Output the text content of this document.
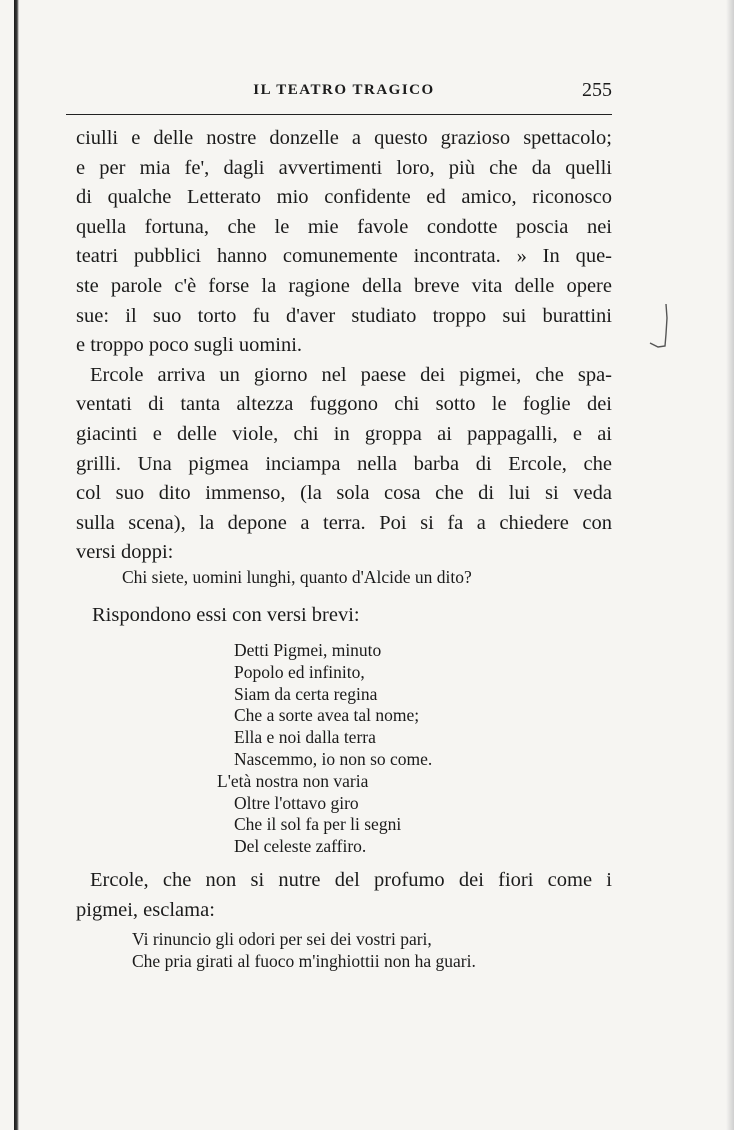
IL TEATRO TRAGICO	255
ciulli e delle nostre donzelle a questo grazioso spettacolo;
e per mia fe', dagli avvertimenti loro, più che da quelli
di qualche Letterato mio confidente ed amico, riconosco
quella fortuna, che le mie favole condotte poscia nei
teatri pubblici hanno comunemente incontrata. » In que-
ste parole c'è forse la ragione della breve vita delle opere
sue: il suo torto fu d'aver studiato troppo sui burattini
e troppo poco sugli uomini.
Ercole arriva un giorno nel paese dei pigmei, che spa-
ventati di tanta altezza fuggono chi sotto le foglie dei
giacinti e delle viole, chi in groppa ai pappagalli, e ai
grilli. Una pigmea inciampa nella barba di Ercole, che
col suo dito immenso, (la sola cosa che di lui si veda
sulla scena), la depone a terra. Poi si fa a chiedere con
versi doppi:
Chi siete, uomini lunghi, quanto d'Alcide un dito?
Rispondono essi con versi brevi:
Detti Pigmei, minuto
Popolo ed infinito,
Siam da certa regina
Che a sorte avea tal nome;
Ella e noi dalla terra
Nascemmo, io non so come.
L'età nostra non varia
Oltre l'ottavo giro
Che il sol fa per li segni
Del celeste zaffiro.
Ercole, che non si nutre del profumo dei fiori come i
pigmei, esclama:
Vi rinuncio gli odori per sei dei vostri pari,
Che pria girati al fuoco m'inghiottii non ha guari.
